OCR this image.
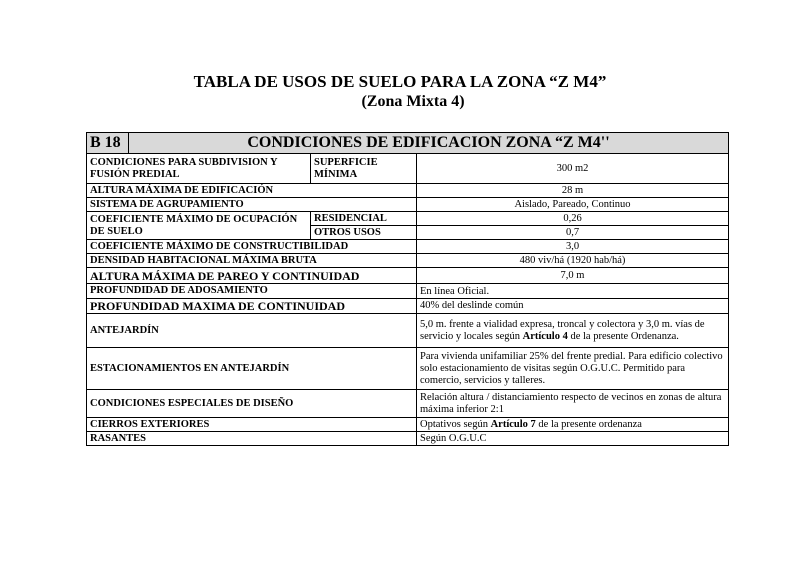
TABLA DE USOS DE SUELO PARA LA ZONA “Z M4”
(Zona Mixta 4)
B 18	CONDICIONES DE EDIFICACION ZONA “Z M4''		
CONDICIONES PARA SUBDIVISION Y FUSIÓN PREDIAL		SUPERFICIE MÍNIMA	300 m2
ALTURA MÁXIMA DE EDIFICACIÓN			28 m
SISTEMA DE AGRUPAMIENTO			Aislado, Pareado, Continuo
COEFICIENTE MÁXIMO DE OCUPACIÓN DE SUELO		RESIDENCIAL	0,26
		OTROS USOS	0,7
COEFICIENTE MÁXIMO DE CONSTRUCTIBILIDAD			3,0
DENSIDAD HABITACIONAL MÁXIMA BRUTA			480 viv/há (1920 hab/há)
ALTURA MÁXIMA DE PAREO Y CONTINUIDAD			7,0 m
PROFUNDIDAD DE ADOSAMIENTO			En línea Oficial.
PROFUNDIDAD MAXIMA DE CONTINUIDAD			40% del deslinde común
ANTEJARDÍN			5,0 m. frente a vialidad expresa, troncal y colectora y 3,0 m. vías de servicio y locales según Artículo 4 de la presente Ordenanza.
ESTACIONAMIENTOS EN ANTEJARDÍN			Para vivienda unifamiliar 25% del frente predial. Para edificio colectivo solo estacionamiento de visitas según O.G.U.C. Permitido para comercio, servicios y talleres.
CONDICIONES ESPECIALES DE DISEÑO			Relación altura / distanciamiento respecto de vecinos en zonas de altura máxima inferior 2:1
CIERROS EXTERIORES			Optativos según Artículo 7 de la presente ordenanza
RASANTES			Según O.G.U.C
